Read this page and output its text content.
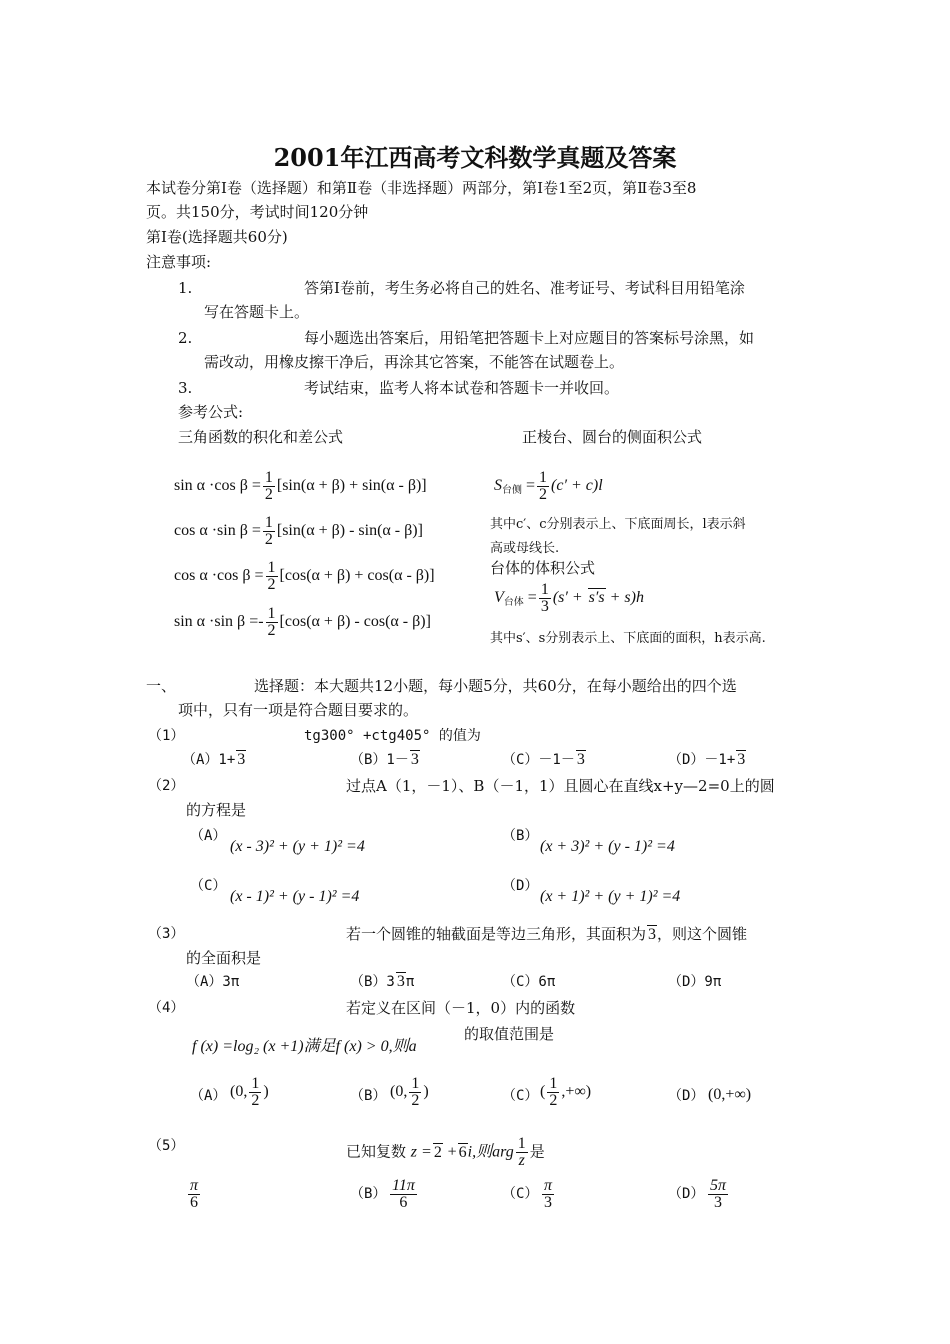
2001年江西高考文科数学真题及答案
本试卷分第Ⅰ卷（选择题）和第Ⅱ卷（非选择题）两部分，第Ⅰ卷1至2页，第Ⅱ卷3至8
页。共150分，考试时间120分钟
第Ⅰ卷(选择题共60分)
注意事项:
1.	答第Ⅰ卷前，考生务必将自己的姓名、准考证号、考试科目用铅笔涂
写在答题卡上。
2.	每小题选出答案后，用铅笔把答题卡上对应题目的答案标号涂黑，如
需改动，用橡皮擦干净后，再涂其它答案，不能答在试题卷上。
3.	考试结束，监考人将本试卷和答题卡一并收回。
参考公式:
三角函数的积化和差公式	正棱台、圆台的侧面积公式
sin α ·cos $\beta = \frac{1}{2} [\sin(\alpha + \beta) + \sin(\alpha - \beta)]$
cos α ·sin $\beta = \frac{1}{2} [\sin(\alpha + \beta) - \sin(\alpha - \beta)]$
cos α ·cos $\beta = \frac{1}{2} [\cos(\alpha + \beta) + \cos(\alpha - \beta)]$
sin α ·sin $\beta =- \frac{1}{2} [\cos(\alpha + \beta) - \cos(\alpha - \beta)]$
$S_{台侧} = \frac{1}{2} (c' + c)l$
其中c′、c分别表示上、下底面周长，l表示斜
高或母线长.
台体的体积公式
$V_{台体} = \frac{1}{3} (s' + s's + s)h$
其中s′、s分别表示上、下底面的面积，h表示高.
一、	选择题：本大题共12小题，每小题5分，共60分，在每小题给出的四个选
项中，只有一项是符合题目要求的。
（1）	tg300° +ctg405° 的值为
（A）1+ 3	（B）1－ 3	（C）－1－ 3	（D）－1+ 3
（2）	过点A（1，－1）、B（－1，1）且圆心在直线x+y—2=0上的圆
的方程是
（A）
(x - 3)² + (y + 1)² =4
（B）
(x + 3)² + (y - 1)² =4
（C）
(x - 1)² + (y - 1)² =4
（D）
(x + 1)² + (y + 1)² =4
（3）	若一个圆锥的轴截面是等边三角形，其面积为 3，则这个圆锥
的全面积是
（A）3π	（B）3 3π	（C）6π	（D）9π
（4）	若定义在区间（－1，0）内的函数
f (x) =log₂ (x +1)满足f (x) > 0,则a
的取值范围是
（A） (0, $\frac{1}{2}$ )	（B） (0, $\frac{1}{2}$ )	（C） ( $\frac{1}{2}$ ,+∞)	（D） (0,+∞)
（5）	已知复数 z = 2 + 6i,则arg $\frac{1}{z}$ 是
$\frac{\pi}{6}$	$(B) \frac{11\pi}{6}$	$(C) \frac{\pi}{3}$	$(D) \frac{5\pi}{3}$
